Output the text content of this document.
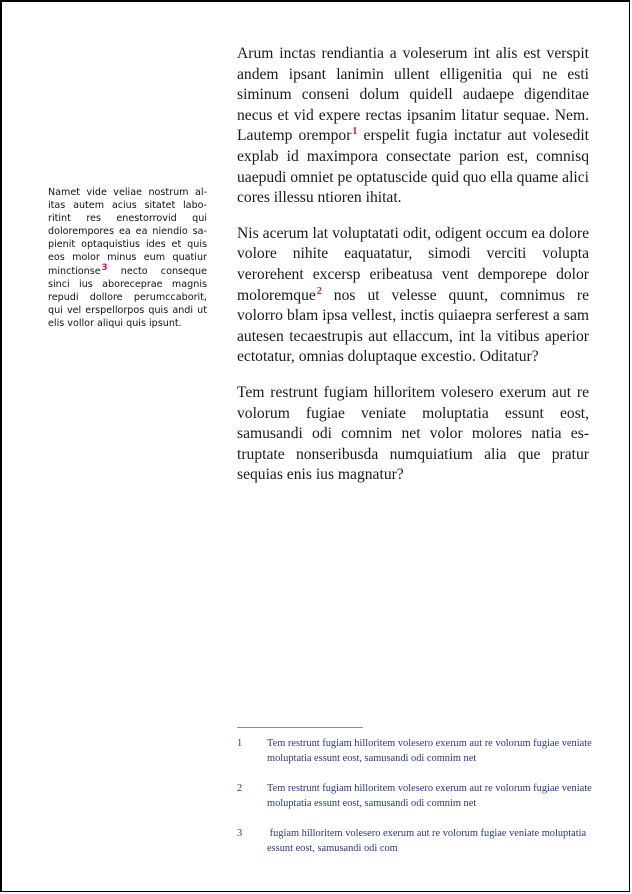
Arum inctas rendiantia a voleserum int alis est verspit andem ipsant lanimin ullent elligenitia qui ne esti siminum conseni dolum quidell audaepe digenditae necus et vid expere rectas ipsanim litatur sequae. Nem. Lautemp orempor$^1$ erspelit fugia inctatur aut volesedit explab id maximpora consectate parion est, comnisq uaepudi omniet pe optatuscide quid quo ella quame alici cores illessu ntioren ihitat.

Nis acerum lat voluptatati odit, odigent occum ea dolore volore nihite eaquatatur, simodi verciti volupta verorehent excersp eribeatusa vent demporepe dolor moloremque$^2$ nos ut velesse quunt, comnimus re volorro blam ipsa vellest, inctis quiaepra serferest a sam autesen tecaestrupis aut ellaccum, int la vitibus aperior ectotatur, omnias doluptaque excestio. Oditatur?

Tem restrunt fugiam hilloritem volesero exerum aut re volorum fugiae veniate moluptatia essunt eost, samusandi odi comnim net volor molores natia estruptate nonseribusda numquiatium alia que pratur sequias enis ius magnatur?

Namet vide veliae nostrum alitas autem acius sitatet laboritint res enestorrovid qui dolorempores ea ea niendio sapienit optaquistius ides et quis eos molor minus eum quatiur minctionse$^3$ necto conseque sinci ius aboreceprae magnis repudi dollore perumccaborit, qui vel erspellorpos quis andi ut elis vollor aliqui quis ipsunt.

1	Tem restrunt fugiam hilloritem volesero exerum aut re volorum fugiae veniate moluptatia essunt eost, samusandi odi comnim net
2	Tem restrunt fugiam hilloritem volesero exerum aut re volorum fugiae veniate moluptatia essunt eost, samusandi odi comnim net
3	fugiam hilloritem volesero exerum aut re volorum fugiae veniate moluptatia essunt eost, samusandi odi com
